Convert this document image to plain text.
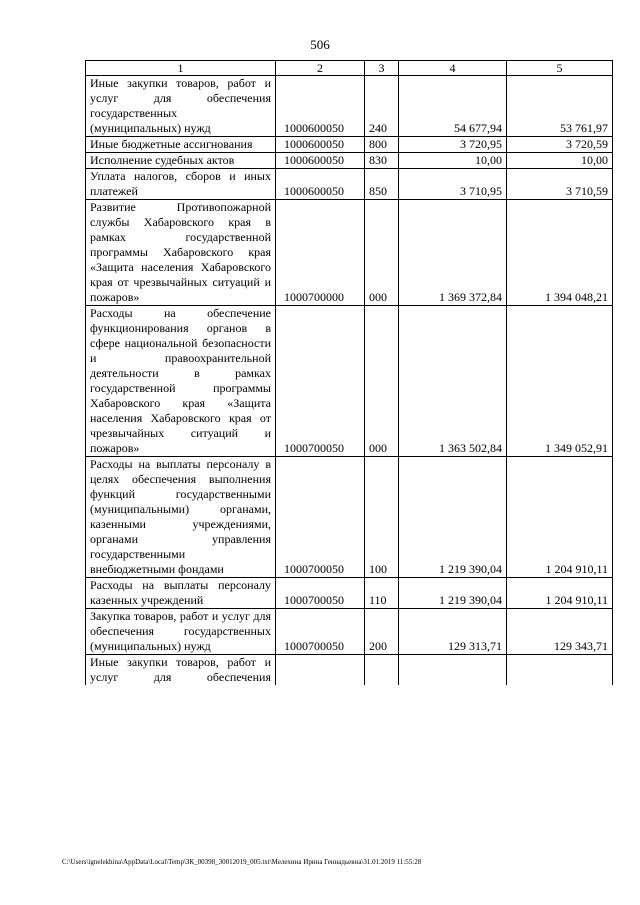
506
1	2	3	4	5
Иные закупки товаров, работ и услуг для обеспечения государственных (муниципальных) нужд	1000600050	240	54 677,94	53 761,97
Иные бюджетные ассигнования	1000600050	800	3 720,95	3 720,59
Исполнение судебных актов	1000600050	830	10,00	10,00
Уплата налогов, сборов и иных платежей	1000600050	850	3 710,95	3 710,59
Развитие Противопожарной службы Хабаровского края в рамках государственной программы Хабаровского края «Защита населения Хабаровского края от чрезвычайных ситуаций и пожаров»	1000700000	000	1 369 372,84	1 394 048,21
Расходы на обеспечение функционирования органов в сфере национальной безопасности и правоохранительной деятельности в рамках государственной программы Хабаровского края «Защита населения Хабаровского края от чрезвычайных ситуаций и пожаров»	1000700050	000	1 363 502,84	1 349 052,91
Расходы на выплаты персоналу в целях обеспечения выполнения функций государственными (муниципальными) органами, казенными учреждениями, органами управления государственными внебюджетными фондами	1000700050	100	1 219 390,04	1 204 910,11
Расходы на выплаты персоналу казенных учреждений	1000700050	110	1 219 390,04	1 204 910,11
Закупка товаров, работ и услуг для обеспечения государственных (муниципальных) нужд	1000700050	200	129 313,71	129 343,71
Иные закупки товаров, работ и услуг для обеспечения				
C:\Users\ignelekhina\AppData\Local\Temp\ЗК_00398_30012019_005.txt\Мелехина Ирина Геннадьевна\31.01.2019 11:55:28
